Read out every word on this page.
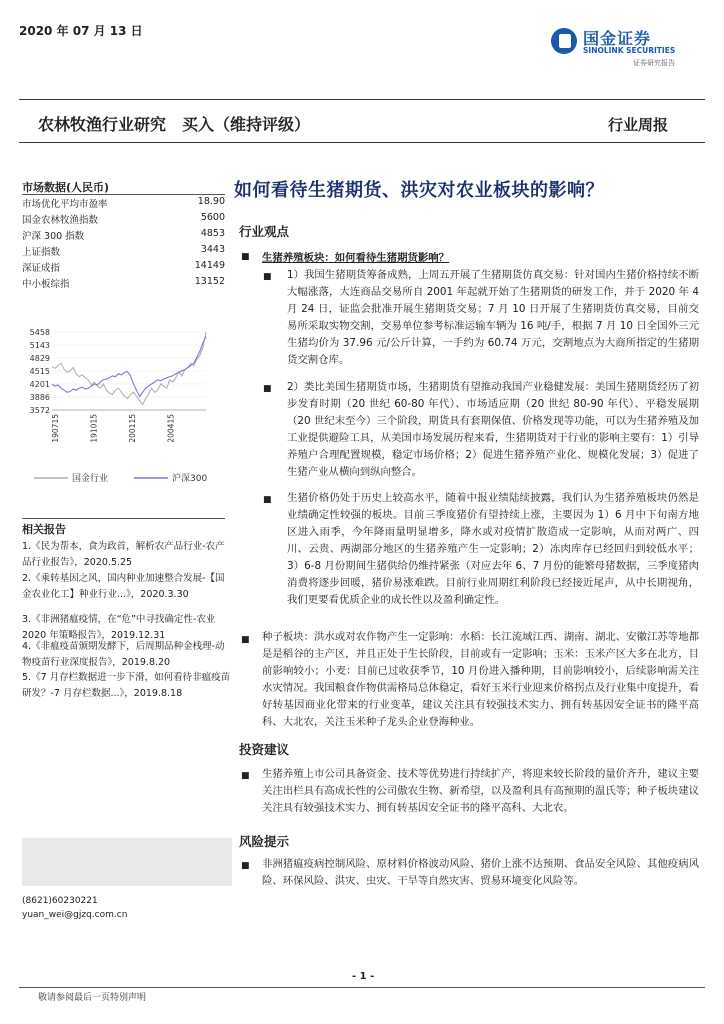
2020 年 07 月 13 日	国金证券
SINOLINK SECURITIES
证券研究报告
农林牧渔行业研究　买入（维持评级）	行业周报
市场数据(人民币)
市场优化平均市盈率	18.90
国金农林牧渔指数	5600
沪深 300 指数	4853
上证指数	3443
深证成指	14149
中小板综指	13152
5458
5143
4829
4515
4201
3886
3572
190715	191015	200115	200415
国金行业	沪深300
相关报告
1.《民为帮本，食为政首，解析农产品行业-农产品行业报告》，2020.5.25
2.《乘转基因之风，国内种业加速整合发展-【国金农业化工】种业行业...》，2020.3.30
3.《非洲猪瘟疫情，在“危”中寻找确定性-农业 2020 年策略报告》，2019.12.31
4.《非瘟疫苗颁期发酵下，后周期品种金栈理-动物疫苗行业深度报告》，2019.8.20
5.《7 月存栏数据进一步下滑，如何看待非瘟疫苗研发？-7 月存栏数据...》，2019.8.18
(8621)60230221
yuan_wei@gjzq.com.cn
如何看待生猪期货、洪灾对农业板块的影响？
行业观点
■ 生猪养殖板块：如何看待生猪期货影响？
■ 1）我国生猪期货筹备成熟，上周五开展了生猪期货仿真交易：针对国内生猪价格持续不断大幅涨落，大连商品交易所自 2001 年起就开始了生猪期货的研发工作，并于 2020 年 4 月 24 日，证监会批准开展生猪期货交易；7 月 10 日开展了生猪期货仿真交易，目前交易所采取实物交割，交易单位参考标准运输车辆为 16 吨/手，根据 7 月 10 日全国外三元生猪均价为 37.96 元/公斤计算，一手约为 60.74 万元，交割地点为大商所指定的生猪期货交割仓库。
■ 2）类比美国生猪期货市场，生猪期货有望推动我国产业稳健发展：美国生猪期货经历了初步发育时期（20 世纪 60-80 年代）、市场适应期（20 世纪 80-90 年代）、平稳发展期（20 世纪末至今）三个阶段，期货具有套期保值、价格发现等功能，可以为生猪养殖及加工业提供避险工具，从美国市场发展历程来看，生猪期货对于行业的影响主要有：1）引导养殖户合理配置规模，稳定市场价格；2）促进生猪养殖产业化、规模化发展；3）促进了生猪产业从横向到纵向整合。
■ 生猪价格仍处于历史上较高水平，随着中报业绩陆续披露，我们认为生猪养殖板块仍然是业绩确定性较强的板块。目前三季度猪价有望持续上涨，主要因为 1）6 月中下旬南方地区进入雨季，今年降雨量明显增多，降水或对疫情扩散造成一定影响，从而对两广、四川、云贵、两湖部分地区的生猪养殖产生一定影响；2）冻肉库存已经回归到较低水平；3）6-8 月份期间生猪供给仍维持紧张（对应去年 6、7 月份的能繁母猪数据，三季度猪肉消费将逐步回暖，猪价易涨难跌。目前行业周期红利阶段已经接近尾声，从中长期视角，我们更要看优质企业的成长性以及盈利确定性。
■ 种子板块：洪水或对农作物产生一定影响：水稻：长江流域江西、湖南、湖北、安徽江苏等地都是是稻谷的主产区，并且正处于生长阶段，目前或有一定影响；玉米：玉米产区大多在北方，目前影响较小；小麦：目前已过收获季节，10 月份进入播种期，目前影响较小，后续影响需关注水灾情况。我国粮食作物供需格局总体稳定，看好玉米行业迎来价格拐点及行业集中度提升，看好转基因商业化带来的行业变革，建议关注具有较强技术实力、拥有转基因安全证书的隆平高科、大北农，关注玉米种子龙头企业登海种业。
投资建议
■ 生猪养殖上市公司具备资金、技术等优势进行持续扩产，将迎来较长阶段的量价齐升，建议主要关注出栏具有高成长性的公司傲农生物、新希望，以及盈利具有高预期的温氏等；种子板块建议关注具有较强技术实力、拥有转基因安全证书的隆平高科、大北农。
风险提示
■ 非洲猪瘟疫病控制风险、原材料价格波动风险、猪价上涨不达预期、食品安全风险、其他疫病风险、环保风险、洪灾、虫灾、干旱等自然灾害、贸易环境变化风险等。
- 1 -
敬请参阅最后一页特别声明
